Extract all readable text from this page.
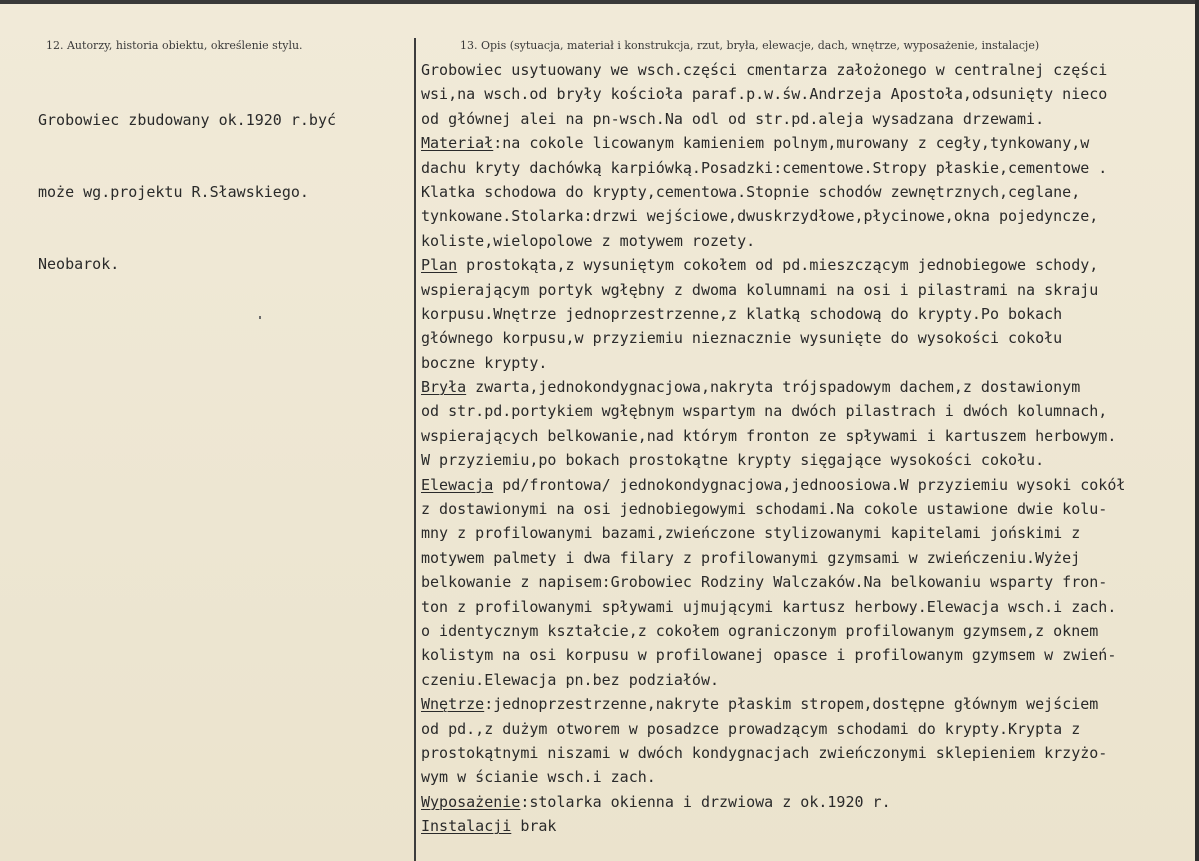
12. Autorzy, historia obiektu, określenie stylu.	13. Opis (sytuacja, materiał i konstrukcja, rzut, bryła, elewacje, dach, wnętrze, wyposażenie, instalacje)

Grobowiec zbudowany ok.1920 r.być

może wg.projektu R.Sławskiego.

Neobarok.

Grobowiec usytuowany we wsch.części cmentarza założonego w centralnej części
wsi,na wsch.od bryły kościoła paraf.p.w.św.Andrzeja Apostoła,odsunięty nieco
od głównej alei na pn-wsch.Na odl od str.pd.aleja wysadzana drzewami.
Materiał:na cokole licowanym kamieniem polnym,murowany z cegły,tynkowany,w
dachu kryty dachówką karpiówką.Posadzki:cementowe.Stropy płaskie,cementowe .
Klatka schodowa do krypty,cementowa.Stopnie schodów zewnętrznych,ceglane,
tynkowane.Stolarka:drzwi wejściowe,dwuskrzydłowe,płycinowe,okna pojedyncze,
koliste,wielopolowe z motywem rozety.
Plan prostokąta,z wysuniętym cokołem od pd.mieszczącym jednobiegowe schody,
wspierającym portyk wgłębny z dwoma kolumnami na osi i pilastrami na skraju
korpusu.Wnętrze jednoprzestrzenne,z klatką schodową do krypty.Po bokach
głównego korpusu,w przyziemiu nieznacznie wysunięte do wysokości cokołu
boczne krypty.
Bryła zwarta,jednokondygnacjowa,nakryta trójspadowym dachem,z dostawionym
od str.pd.portykiem wgłębnym wspartym na dwóch pilastrach i dwóch kolumnach,
wspierających belkowanie,nad którym fronton ze spływami i kartuszem herbowym.
W przyziemiu,po bokach prostokątne krypty sięgające wysokości cokołu.
Elewacja pd/frontowa/ jednokondygnacjowa,jednoosiowa.W przyziemiu wysoki cokół
z dostawionymi na osi jednobiegowymi schodami.Na cokole ustawione dwie kolu-
mny z profilowanymi bazami,zwieńczone stylizowanymi kapitelami jońskimi z
motywem palmety i dwa filary z profilowanymi gzymsami w zwieńczeniu.Wyżej
belkowanie z napisem:Grobowiec Rodziny Walczaków.Na belkowaniu wsparty fron-
ton z profilowanymi spływami ujmującymi kartusz herbowy.Elewacja wsch.i zach.
o identycznym kształcie,z cokołem ograniczonym profilowanym gzymsem,z oknem
kolistym na osi korpusu w profilowanej opasce i profilowanym gzymsem w zwień-
czeniu.Elewacja pn.bez podziałów.
Wnętrze:jednoprzestrzenne,nakryte płaskim stropem,dostępne głównym wejściem
od pd.,z dużym otworem w posadzce prowadzącym schodami do krypty.Krypta z
prostokątnymi niszami w dwóch kondygnacjach zwieńczonymi sklepieniem krzyżo-
wym w ścianie wsch.i zach.
Wyposażenie:stolarka okienna i drzwiowa z ok.1920 r.
Instalacji brak
